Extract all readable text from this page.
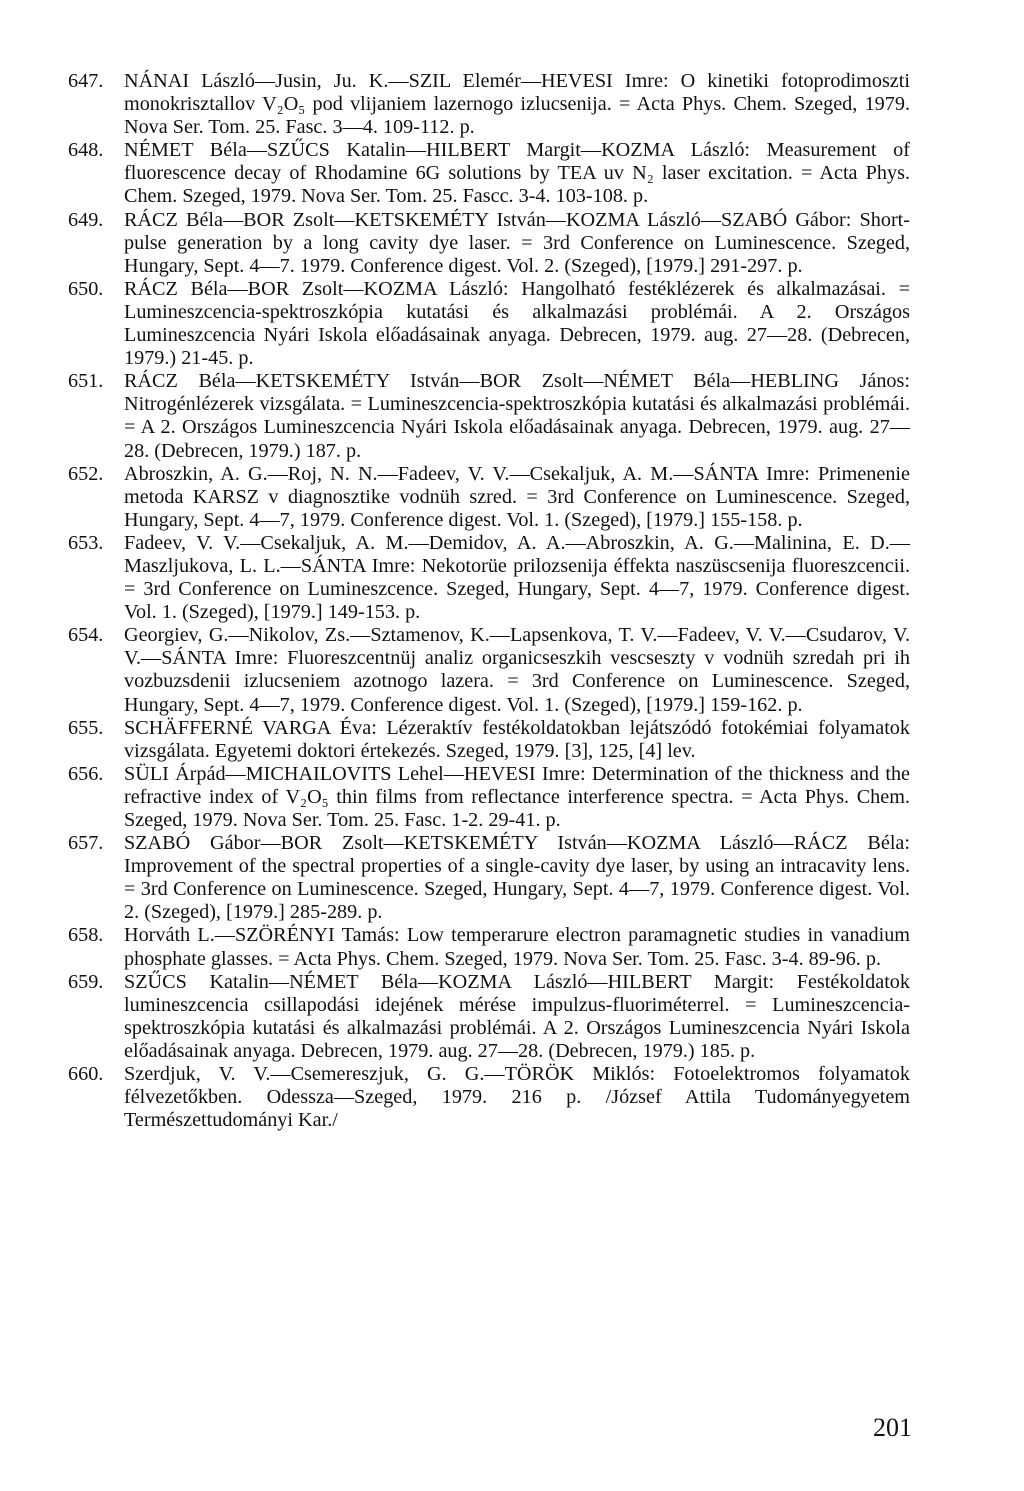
647.	NÁNAI László—Jusin, Ju. K.—SZIL Elemér—HEVESI Imre: O kinetiki fotoprodimoszti monokrisztallov V₂O₅ pod vlijaniem lazernogo izlucsenija. = Acta Phys. Chem. Szeged, 1979. Nova Ser. Tom. 25. Fasc. 3—4. 109-112. p.
648.	NÉMET Béla—SZŰCS Katalin—HILBERT Margit—KOZMA László: Measurement of fluorescence decay of Rhodamine 6G solutions by TEA uv N₂ laser excitation. = Acta Phys. Chem. Szeged, 1979. Nova Ser. Tom. 25. Fascc. 3-4. 103-108. p.
649.	RÁCZ Béla—BOR Zsolt—KETSKEMÉTY István—KOZMA László—SZABÓ Gábor: Short-pulse generation by a long cavity dye laser. = 3rd Conference on Luminescence. Szeged, Hungary, Sept. 4—7. 1979. Conference digest. Vol. 2. (Szeged), [1979.] 291-297. p.
650.	RÁCZ Béla—BOR Zsolt—KOZMA László: Hangolható festéklézerek és alkalmazásai. = Lumineszcencia-spektroszkópia kutatási és alkalmazási problémái. A 2. Országos Lumineszcencia Nyári Iskola előadásainak anyaga. Debrecen, 1979. aug. 27—28. (Debrecen, 1979.) 21-45. p.
651.	RÁCZ Béla—KETSKEMÉTY István—BOR Zsolt—NÉMET Béla—HEBLING János: Nitrogénlézerek vizsgálata. = Lumineszcencia-spektroszkópia kutatási és alkalmazási problémái. = A 2. Országos Lumineszcencia Nyári Iskola előadásainak anyaga. Debrecen, 1979. aug. 27—28. (Debrecen, 1979.) 187. p.
652.	Abroszkin, A. G.—Roj, N. N.—Fadeev, V. V.—Csekaljuk, A. M.—SÁNTA Imre: Primenenie metoda KARSZ v diagnosztike vodnüh szred. = 3rd Conference on Luminescence. Szeged, Hungary, Sept. 4—7, 1979. Conference digest. Vol. 1. (Szeged), [1979.] 155-158. p.
653.	Fadeev, V. V.—Csekaljuk, A. M.—Demidov, A. A.—Abroszkin, A. G.—Malinina, E. D.—Maszljukova, L. L.—SÁNTA Imre: Nekotorüe prilozsenija éffekta naszüscsenija fluoreszcencii. = 3rd Conference on Lumineszcence. Szeged, Hungary, Sept. 4—7, 1979. Conference digest. Vol. 1. (Szeged), [1979.] 149-153. p.
654.	Georgiev, G.—Nikolov, Zs.—Sztamenov, K.—Lapsenkova, T. V.—Fadeev, V. V.—Csudarov, V. V.—SÁNTA Imre: Fluoreszcentnüj analiz organicseszkih vescseszty v vodnüh szredah pri ih vozbuzsdenii izlucseniem azotnogo lazera. = 3rd Conference on Luminescence. Szeged, Hungary, Sept. 4—7, 1979. Conference digest. Vol. 1. (Szeged), [1979.] 159-162. p.
655.	SCHÄFFERNÉ VARGA Éva: Lézeraktív festékoldatokban lejátszódó fotokémiai folyamatok vizsgálata. Egyetemi doktori értekezés. Szeged, 1979. [3], 125, [4] lev.
656.	SÜLI Árpád—MICHAILOVITS Lehel—HEVESI Imre: Determination of the thickness and the refractive index of V₂O₅ thin films from reflectance interference spectra. = Acta Phys. Chem. Szeged, 1979. Nova Ser. Tom. 25. Fasc. 1-2. 29-41. p.
657.	SZABÓ Gábor—BOR Zsolt—KETSKEMÉTY István—KOZMA László—RÁCZ Béla: Improvement of the spectral properties of a single-cavity dye laser, by using an intracavity lens. = 3rd Conference on Luminescence. Szeged, Hungary, Sept. 4—7, 1979. Conference digest. Vol. 2. (Szeged), [1979.] 285-289. p.
658.	Horváth L.—SZÖRÉNYI Tamás: Low temperarure electron paramagnetic studies in vanadium phosphate glasses. = Acta Phys. Chem. Szeged, 1979. Nova Ser. Tom. 25. Fasc. 3-4. 89-96. p.
659.	SZŰCS Katalin—NÉMET Béla—KOZMA László—HILBERT Margit: Festékoldatok lumineszcencia csillapodási idejének mérése impulzus-fluoriméterrel. = Lumineszcencia-spektroszkópia kutatási és alkalmazási problémái. A 2. Országos Lumineszcencia Nyári Iskola előadásainak anyaga. Debrecen, 1979. aug. 27—28. (Debrecen, 1979.) 185. p.
660.	Szerdjuk, V. V.—Csemereszjuk, G. G.—TÖRÖK Miklós: Fotoelektromos folyamatok félvezetőkben. Odessza—Szeged, 1979. 216 p. /József Attila Tudományegyetem Természettudományi Kar./
201
